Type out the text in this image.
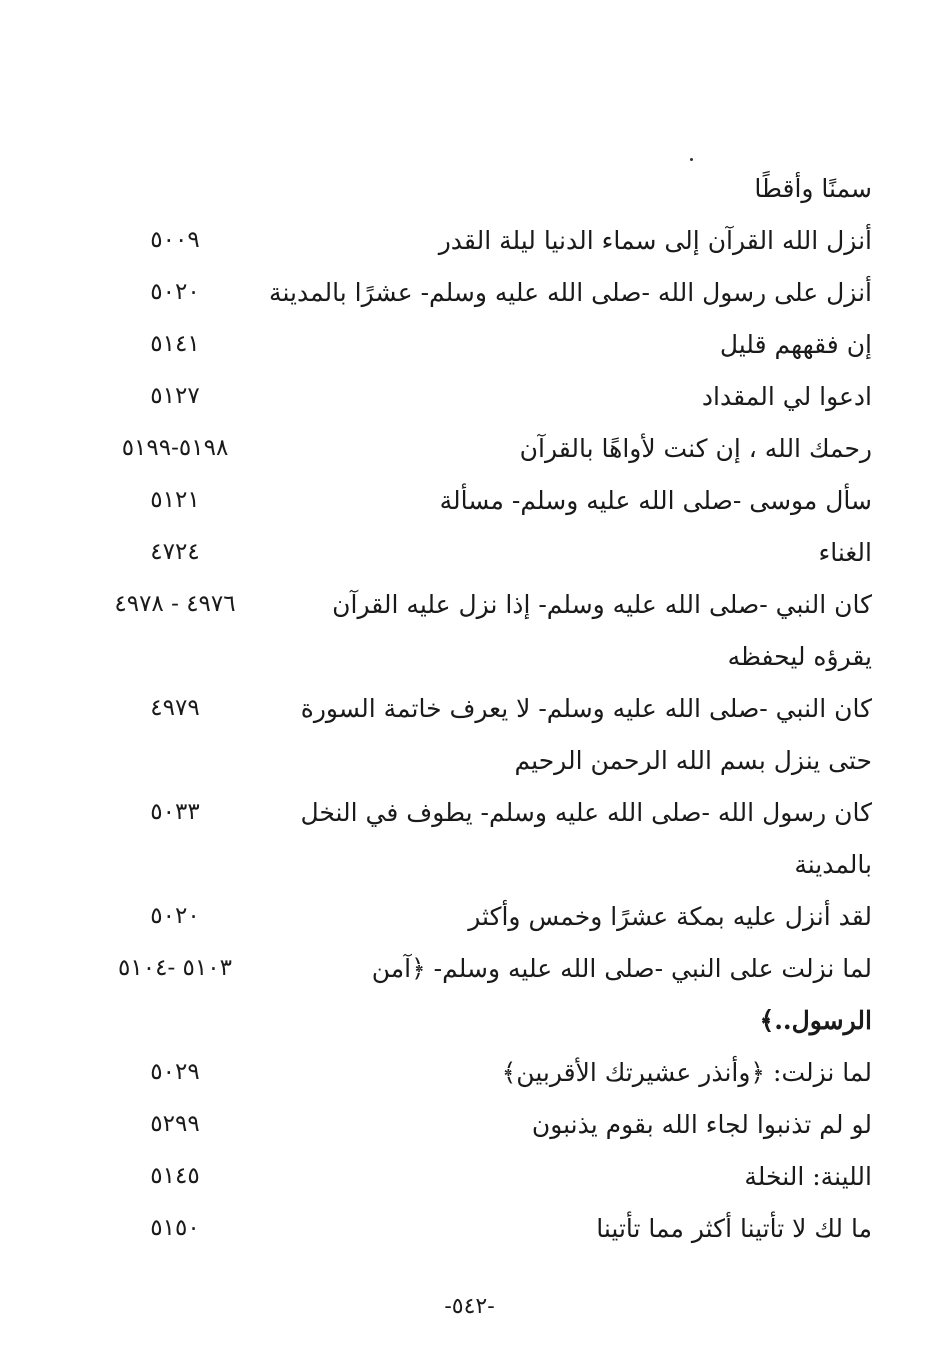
سمنًا وأقطًا
أنزل الله القرآن إلى سماء الدنيا ليلة القدر
٥٠٠٩
أنزل على رسول الله -صلى الله عليه وسلم- عشرًا بالمدينة
٥٠٢٠
إن فقههم قليل
٥١٤١
ادعوا لي المقداد
٥١٢٧
رحمك الله ، إن كنت لأواهًا بالقرآن
٥١٩٨-٥١٩٩
سأل موسى -صلى الله عليه وسلم- مسألة
٥١٢١
الغناء
٤٧٢٤
كان النبي -صلى الله عليه وسلم- إذا نزل عليه القرآن
٤٩٧٦ - ٤٩٧٨
يقرؤه ليحفظه
كان النبي -صلى الله عليه وسلم- لا يعرف خاتمة السورة
٤٩٧٩
حتى ينزل بسم الله الرحمن الرحيم
كان رسول الله -صلى الله عليه وسلم- يطوف في النخل
٥٠٣٣
بالمدينة
لقد أنزل عليه بمكة عشرًا وخمس وأكثر
٥٠٢٠
لما نزلت على النبي -صلى الله عليه وسلم- ﴿آمن
٥١٠٣ -٥١٠٤
الرسول..﴾
لما نزلت: ﴿وأنذر عشيرتك الأقربين﴾
٥٠٢٩
لو لم تذنبوا لجاء الله بقوم يذنبون
٥٢٩٩
اللينة: النخلة
٥١٤٥
ما لك لا تأتينا أكثر مما تأتينا
٥١٥٠
-٥٤٢-
